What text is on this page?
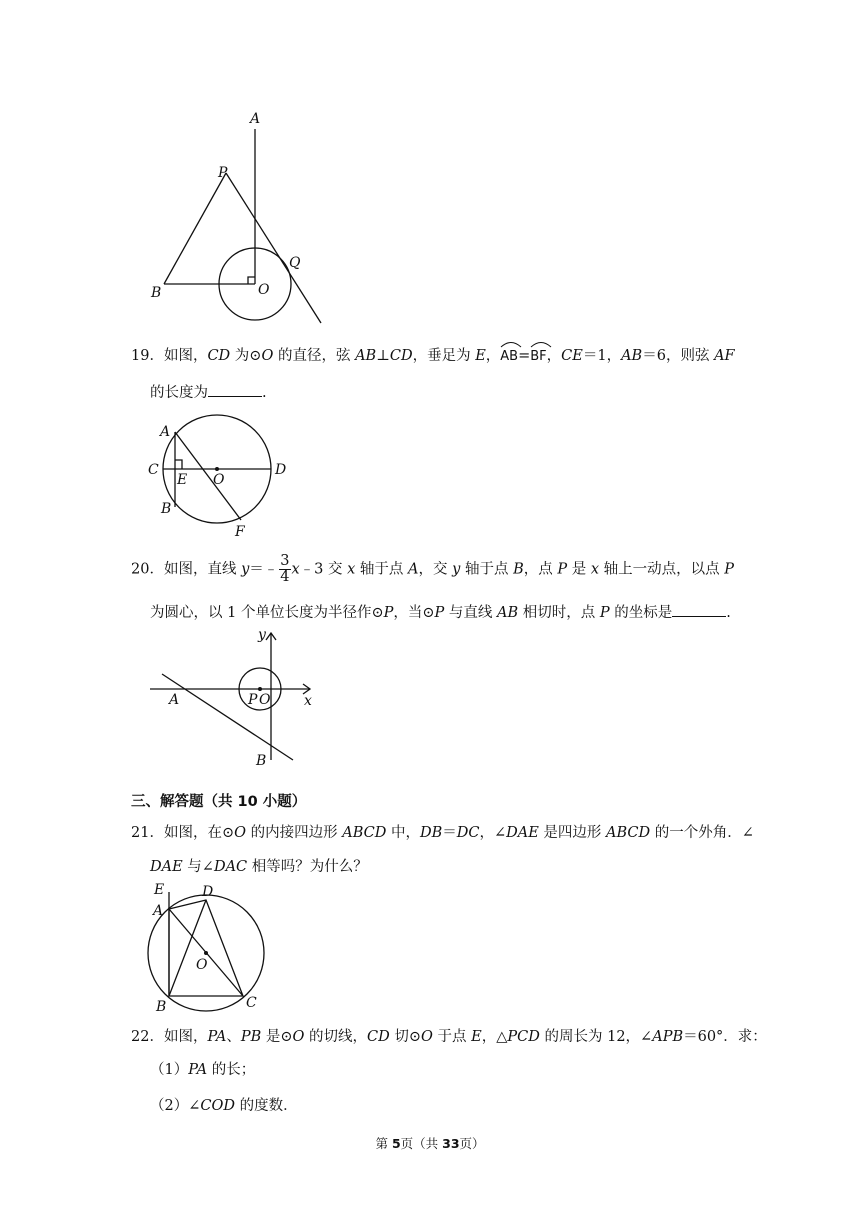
A
P
Q
B	O
19．如图，CD 为⊙O 的直径，弦 AB⊥CD，垂足为 E，
AB=
BF，CE＝1，AB＝6，则弦 AF
的长度为	.
A
C
E O
D
B
F
20．如图，直线 y＝﹣ $\frac{3}{4}$ x﹣3 交 x 轴于点 A，交 y 轴于点 B，点 P 是 x 轴上一动点，以点 P
为圆心，以 1 个单位长度为半径作⊙P，当⊙P 与直线 AB 相切时，点 P 的坐标是	.
y
x
A	P O
B
三、解答题（共 10 小题）
21．如图，在⊙O 的内接四边形 ABCD 中，DB＝DC，∠DAE 是四边形 ABCD 的一个外角．∠
DAE 与∠DAC 相等吗？为什么？
E	D
A
O
B	C
22．如图，PA、PB 是⊙O 的切线，CD 切⊙O 于点 E，△PCD 的周长为 12，∠APB＝60°．求：
（1）PA 的长；
（2）∠COD 的度数．
第 5页（共 33页）
